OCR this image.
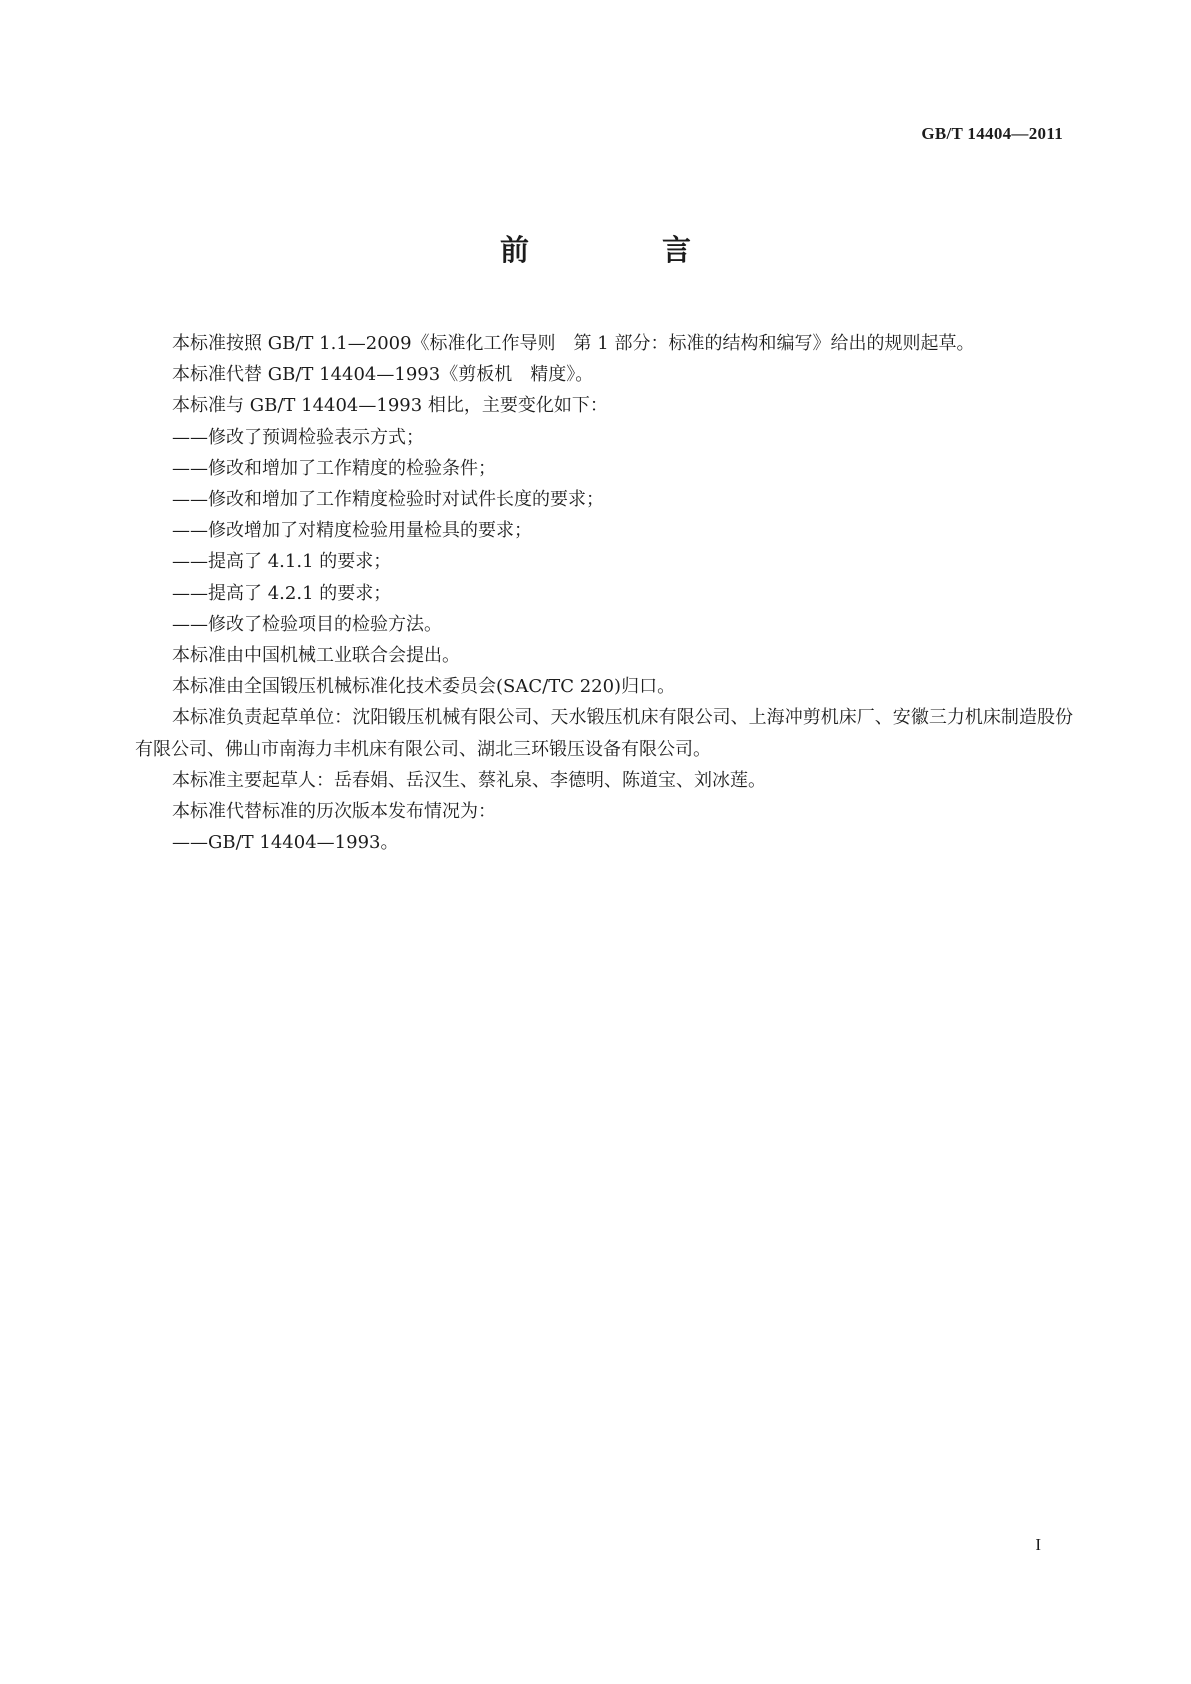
GB/T 14404—2011
前　言

本标准按照 GB/T 1.1—2009《标准化工作导则　第 1 部分：标准的结构和编写》给出的规则起草。

本标准代替 GB/T 14404—1993《剪板机　精度》。

本标准与 GB/T 14404—1993 相比，主要变化如下：

——修改了预调检验表示方式；

——修改和增加了工作精度的检验条件；

——修改和增加了工作精度检验时对试件长度的要求；

——修改增加了对精度检验用量检具的要求；

——提高了 4.1.1 的要求；

——提高了 4.2.1 的要求；

——修改了检验项目的检验方法。

本标准由中国机械工业联合会提出。

本标准由全国锻压机械标准化技术委员会(SAC/TC 220)归口。

本标准负责起草单位：沈阳锻压机械有限公司、天水锻压机床有限公司、上海冲剪机床厂、安徽三力机床制造股份有限公司、佛山市南海力丰机床有限公司、湖北三环锻压设备有限公司。

本标准主要起草人：岳春娟、岳汉生、蔡礼泉、李德明、陈道宝、刘冰莲。

本标准代替标准的历次版本发布情况为：

——GB/T 14404—1993。

I
